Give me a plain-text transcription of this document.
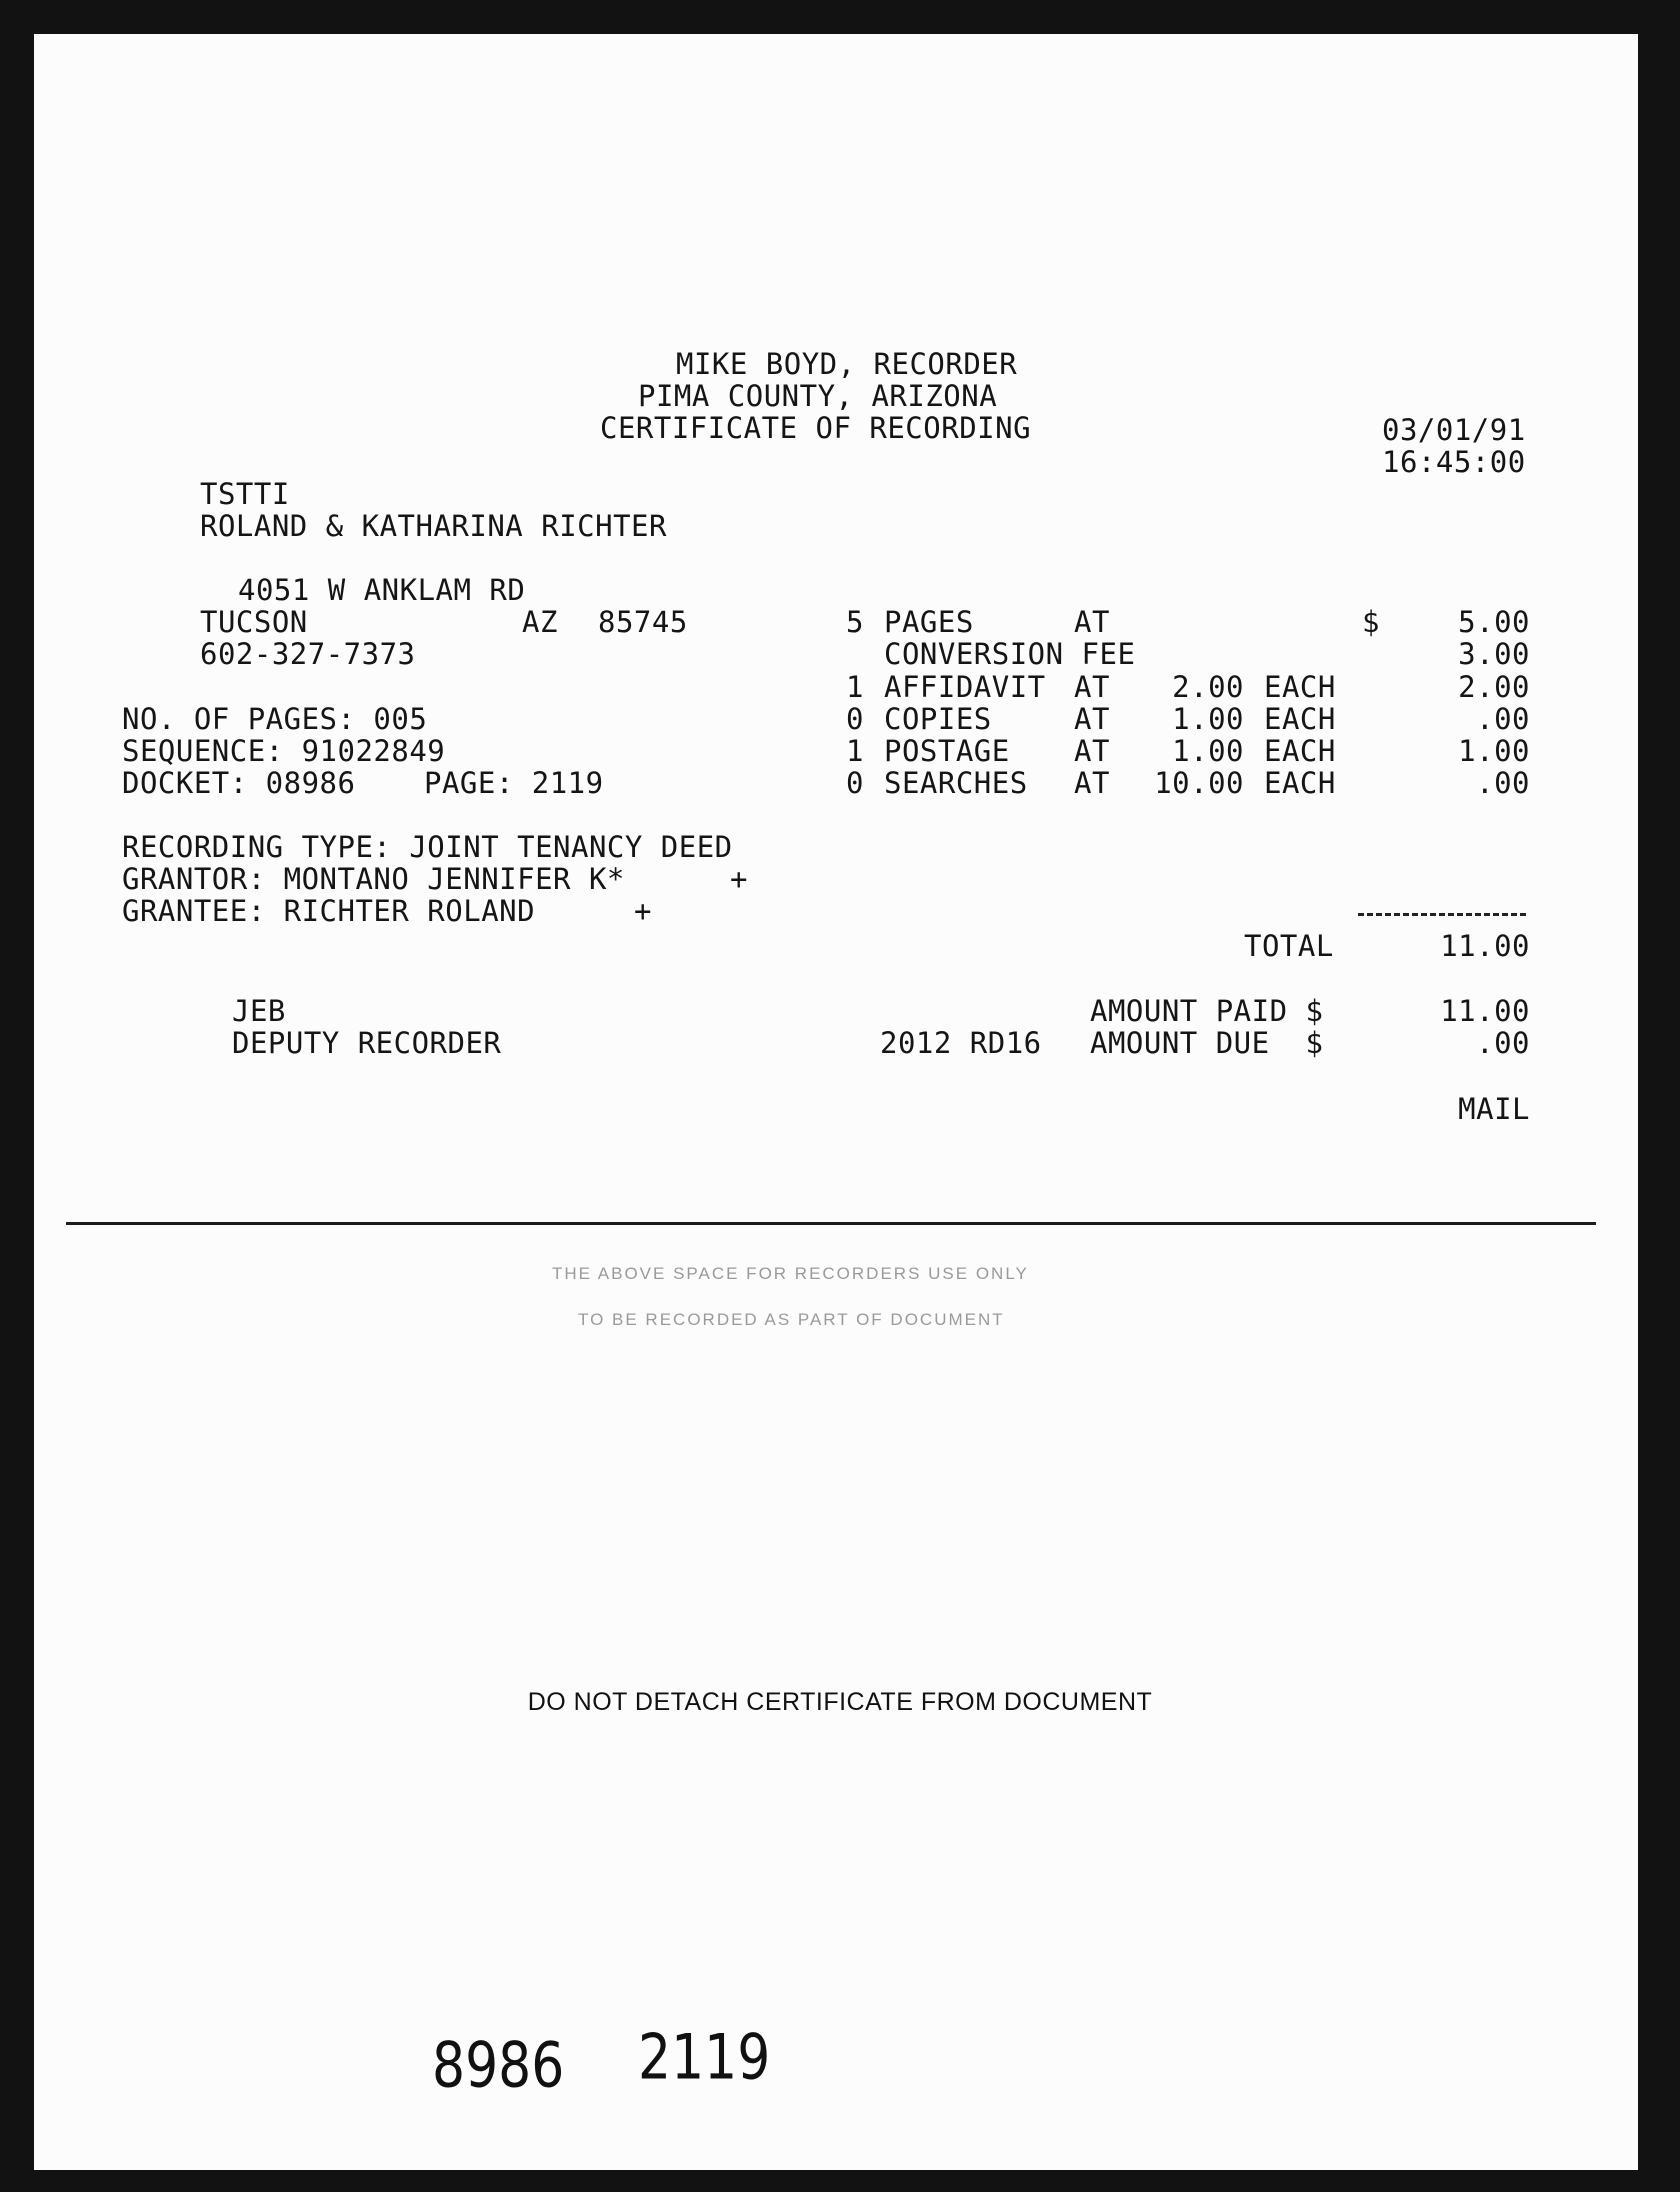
MIKE BOYD, RECORDER
PIMA COUNTY, ARIZONA
CERTIFICATE OF RECORDING	03/01/91
16:45:00
TSTTI
ROLAND & KATHARINA RICHTER
4051 W ANKLAM RD
TUCSON	AZ 85745
602-327-7373
NO. OF PAGES: 005
SEQUENCE: 91022849
DOCKET: 08986 PAGE: 2119
RECORDING TYPE: JOINT TENANCY DEED
GRANTOR: MONTANO JENNIFER K*	+
GRANTEE: RICHTER ROLAND	+
5 PAGES	AT	$	5.00
CONVERSION FEE	3.00
1 AFFIDAVIT AT	2.00 EACH	2.00
0 COPIES	AT	1.00 EACH	.00
1 POSTAGE AT	1.00 EACH	1.00
0 SEARCHES AT	10.00 EACH	.00
TOTAL	11.00
JEB
DEPUTY RECORDER
AMOUNT PAID $	11.00
2012 RD16 AMOUNT DUE  $	.00
MAIL
THE ABOVE SPACE FOR RECORDERS USE ONLY
TO BE RECORDED AS PART OF DOCUMENT
DO NOT DETACH CERTIFICATE FROM DOCUMENT
8986 2119
